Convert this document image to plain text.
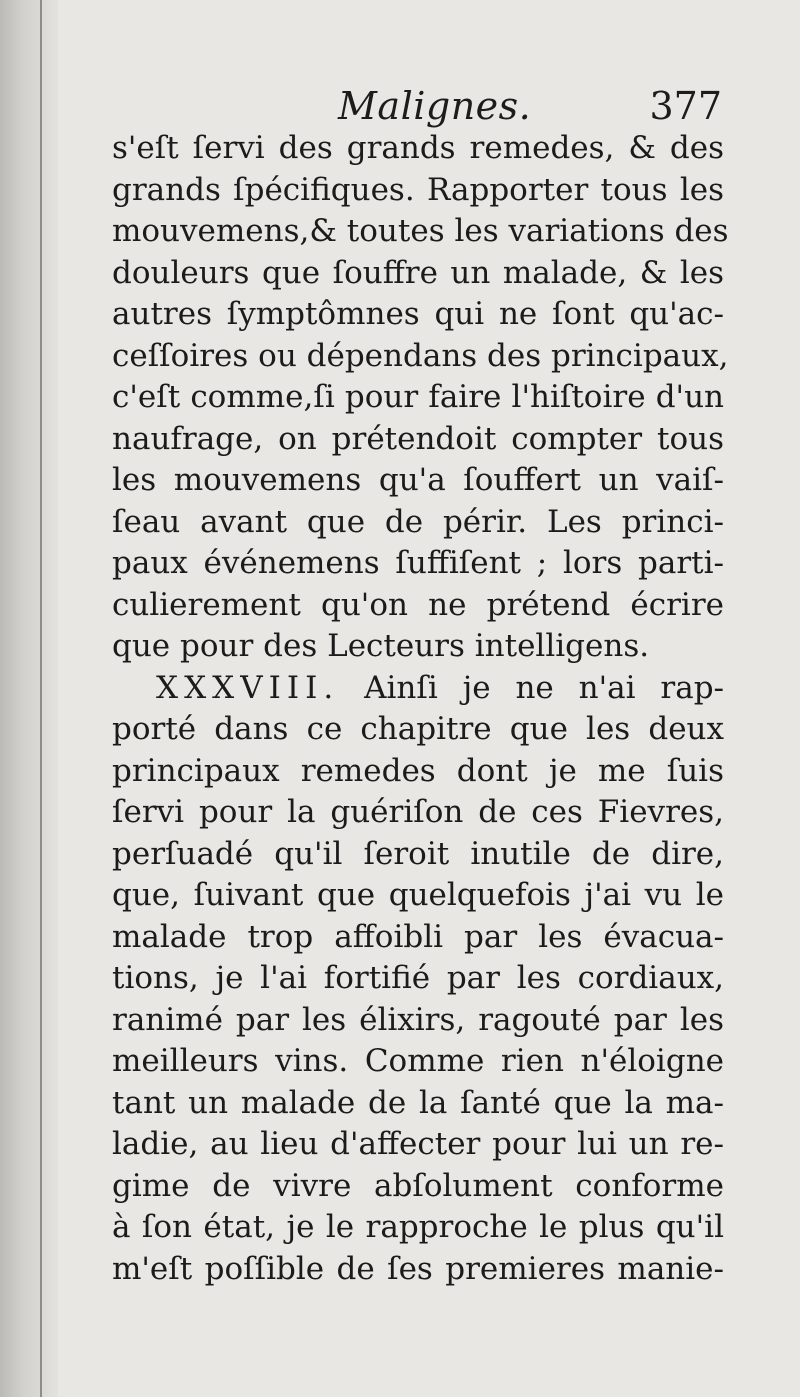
Malignes.	377
s'eſt ſervi des grands remedes, & des
grands ſpécifiques. Rapporter tous les
mouvemens,& toutes les variations des
douleurs que ſouffre un malade, & les
autres ſymptômnes qui ne ſont qu'ac-
ceſſoires ou dépendans des principaux,
c'eſt comme,ſi pour faire l'hiſtoire d'un
naufrage, on prétendoit compter tous
les mouvemens qu'a ſouffert un vaiſ-
ſeau avant que de périr. Les princi-
paux événemens ſuffiſent ; lors parti-
culierement qu'on ne prétend écrire
que pour des Lecteurs intelligens.
XXXVIII. Ainſi je ne n'ai rap-
porté dans ce chapitre que les deux
principaux remedes dont je me ſuis
ſervi pour la guériſon de ces Fievres,
perſuadé qu'il ſeroit inutile de dire,
que, ſuivant que quelquefois j'ai vu le
malade trop affoibli par les évacua-
tions, je l'ai fortifié par les cordiaux,
ranimé par les élixirs, ragouté par les
meilleurs vins. Comme rien n'éloigne
tant un malade de la ſanté que la ma-
ladie, au lieu d'affecter pour lui un re-
gime de vivre abſolument conforme
à ſon état, je le rapproche le plus qu'il
m'eſt poſſible de ſes premieres manie-
